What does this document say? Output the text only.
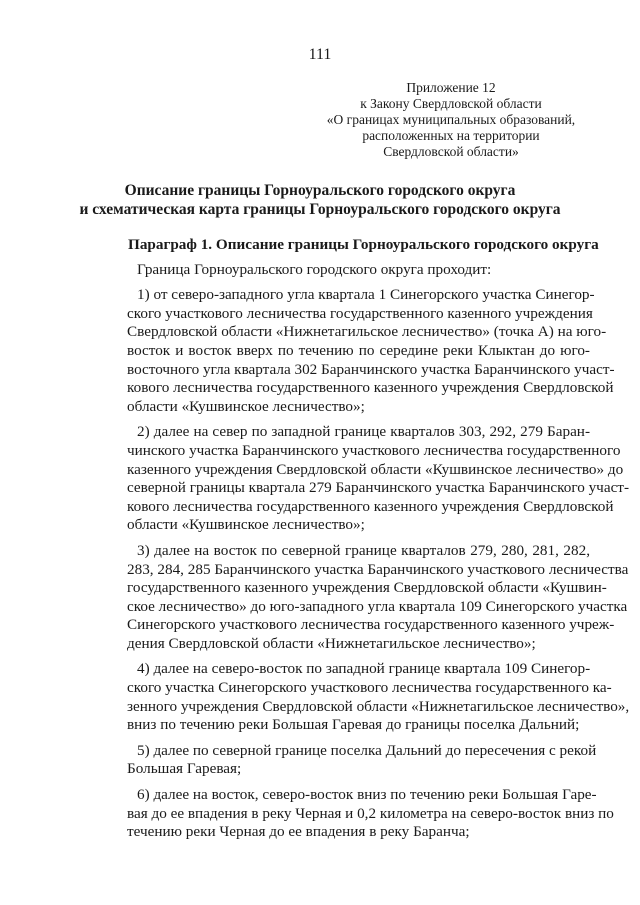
111
Приложение 12
к Закону Свердловской области
«О границах муниципальных образований,
расположенных на территории
Свердловской области»
Описание границы Горноуральского городского округа
и схематическая карта границы Горноуральского городского округа
Параграф 1. Описание границы Горноуральского городского округа
Граница Горноуральского городского округа проходит:
1) от северо-западного угла квартала 1 Синегорского участка Синегор-
ского участкового лесничества государственного казенного учреждения
Свердловской области «Нижнетагильское лесничество» (точка А) на юго-
восток и восток вверх по течению по середине реки Клыктан до юго-
восточного угла квартала 302 Баранчинского участка Баранчинского участ-
кового лесничества государственного казенного учреждения Свердловской
области «Кушвинское лесничество»;
2) далее на север по западной границе кварталов 303, 292, 279 Баран-
чинского участка Баранчинского участкового лесничества государственного
казенного учреждения Свердловской области «Кушвинское лесничество» до
северной границы квартала 279 Баранчинского участка Баранчинского участ-
кового лесничества государственного казенного учреждения Свердловской
области «Кушвинское лесничество»;
3) далее на восток по северной границе кварталов 279, 280, 281, 282,
283, 284, 285 Баранчинского участка Баранчинского участкового лесничества
государственного казенного учреждения Свердловской области «Кушвин-
ское лесничество» до юго-западного угла квартала 109 Синегорского участка
Синегорского участкового лесничества государственного казенного учреж-
дения Свердловской области «Нижнетагильское лесничество»;
4) далее на северо-восток по западной границе квартала 109 Синегор-
ского участка Синегорского участкового лесничества государственного ка-
зенного учреждения Свердловской области «Нижнетагильское лесничество»,
вниз по течению реки Большая Гаревая до границы поселка Дальний;
5) далее по северной границе поселка Дальний до пересечения с рекой
Большая Гаревая;
6) далее на восток, северо-восток вниз по течению реки Большая Гаре-
вая до ее впадения в реку Черная и 0,2 километра на северо-восток вниз по
течению реки Черная до ее впадения в реку Баранча;
